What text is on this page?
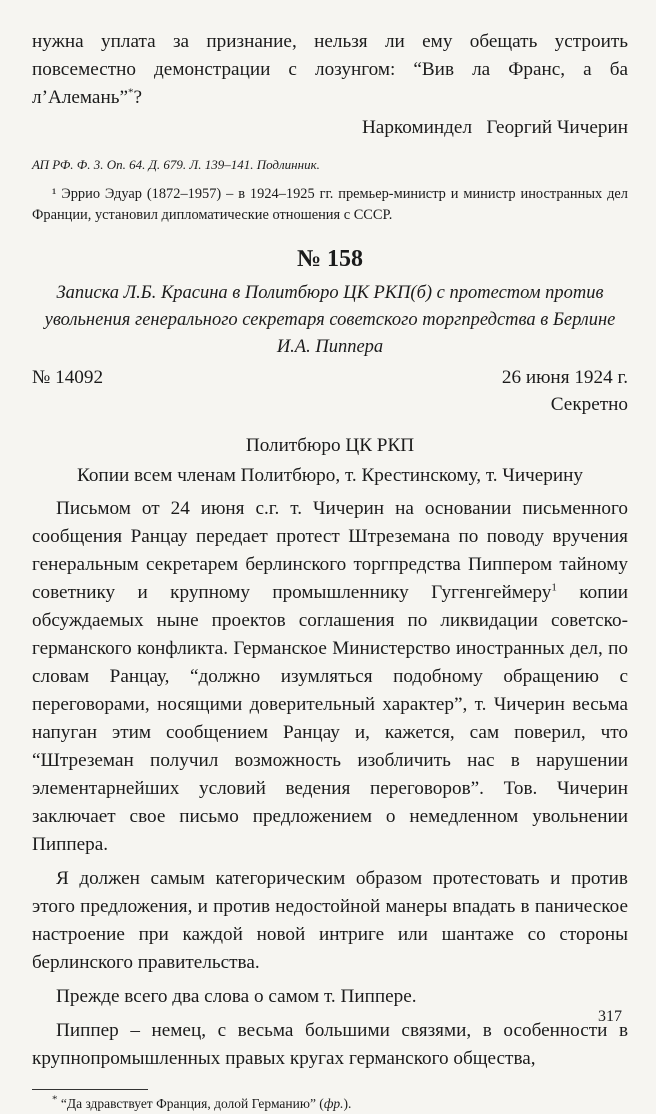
нужна уплата за признание, нельзя ли ему обещать устроить повсеместно демонстрации с лозунгом: “Вив ла Франс, а ба л’Алемань”*?

Наркоминдел   Георгий Чичерин

АП РФ. Ф. 3. Оп. 64. Д. 679. Л. 139–141. Подлинник.

¹ Эррио Эдуар (1872–1957) – в 1924–1925 гг. премьер-министр и министр иностранных дел Франции, установил дипломатические отношения с СССР.

№ 158

Записка Л.Б. Красина в Политбюро ЦК РКП(б) с протестом против увольнения генерального секретаря советского торгпредства в Берлине И.А. Пиппера

№ 14092	26 июня 1924 г.

Секретно

Политбюро ЦК РКП

Копии всем членам Политбюро, т. Крестинскому, т. Чичерину

Письмом от 24 июня с.г. т. Чичерин на основании письменного сообщения Ранцау передает протест Штреземана по поводу вручения генеральным секретарем берлинского торгпредства Пиппером тайному советнику и крупному промышленнику Гуггенгеймеру$^1$ копии обсуждаемых ныне проектов соглашения по ликвидации советско-германского конфликта. Германское Министерство иностранных дел, по словам Ранцау, “должно изумляться подобному обращению с переговорами, носящими доверительный характер”, т. Чичерин весьма напуган этим сообщением Ранцау и, кажется, сам поверил, что “Штреземан получил возможность изобличить нас в нарушении элементарнейших условий ведения переговоров”. Тов. Чичерин заключает свое письмо предложением о немедленном увольнении Пиппера.

Я должен самым категорическим образом протестовать и против этого предложения, и против недостойной манеры впадать в паническое настроение при каждой новой интриге или шантаже со стороны берлинского правительства.

Прежде всего два слова о самом т. Пиппере.

Пиппер – немец, с весьма большими связями, в особенности в крупнопромышленных правых кругах германского общества,

* “Да здравствует Франция, долой Германию” (фр.).

317
